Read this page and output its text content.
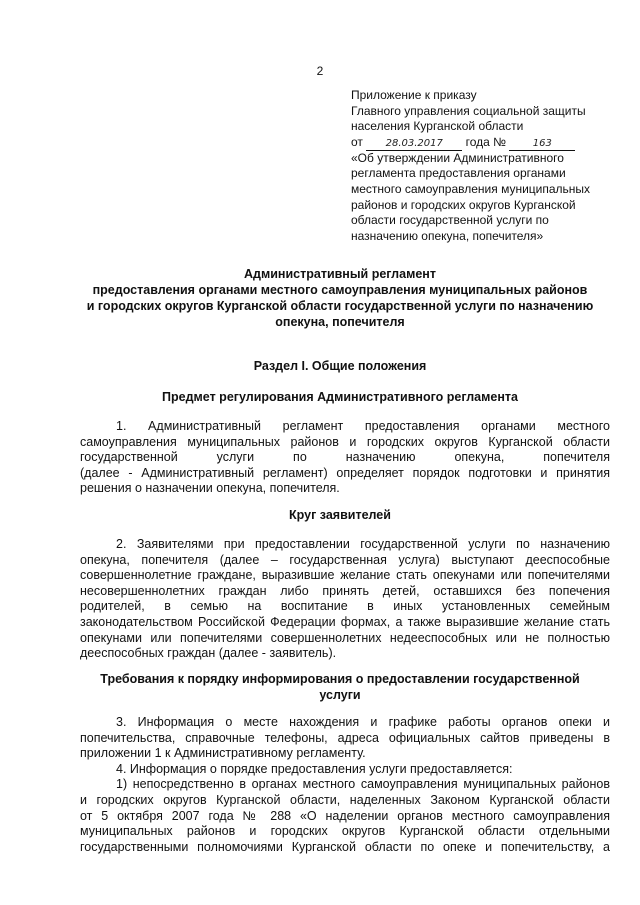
2
Приложение к приказу
Главного управления социальной защиты
населения Курганской области
от 28.03.2017 года №	163
«Об утверждении Административного
регламента предоставления органами
местного самоуправления муниципальных
районов и городских округов Курганской
области государственной услуги по
назначению опекуна, попечителя»
Административный регламент
предоставления органами местного самоуправления муниципальных районов
и городских округов Курганской области государственной услуги по назначению
опекуна, попечителя
Раздел I. Общие положения
Предмет регулирования Административного регламента
1. Административный регламент предоставления органами местного
самоуправления муниципальных районов и городских округов Курганской области
государственной услуги по назначению опекуна, попечителя
(далее - Административный регламент) определяет порядок подготовки и принятия
решения о назначении опекуна, попечителя.
Круг заявителей
2. Заявителями при предоставлении государственной услуги по назначению
опекуна, попечителя (далее – государственная услуга) выступают дееспособные
совершеннолетние граждане, выразившие желание стать опекунами или попечителями
несовершеннолетних граждан либо принять детей, оставшихся без попечения
родителей, в семью на воспитание в иных установленных семейным
законодательством Российской Федерации формах, а также выразившие желание стать
опекунами или попечителями совершеннолетних недееспособных или не полностью
дееспособных граждан (далее - заявитель).
Требования к порядку информирования о предоставлении государственной
услуги
3. Информация о месте нахождения и графике работы органов опеки и
попечительства, справочные телефоны, адреса официальных сайтов приведены в
приложении 1 к Административному регламенту.
4. Информация о порядке предоставления услуги предоставляется:
1) непосредственно в органах местного самоуправления муниципальных районов
и городских округов Курганской области, наделенных Законом Курганской области
от 5 октября 2007 года № 288 «О наделении органов местного самоуправления
муниципальных районов и городских округов Курганской области отдельными
государственными полномочиями Курганской области по опеке и попечительству, а
